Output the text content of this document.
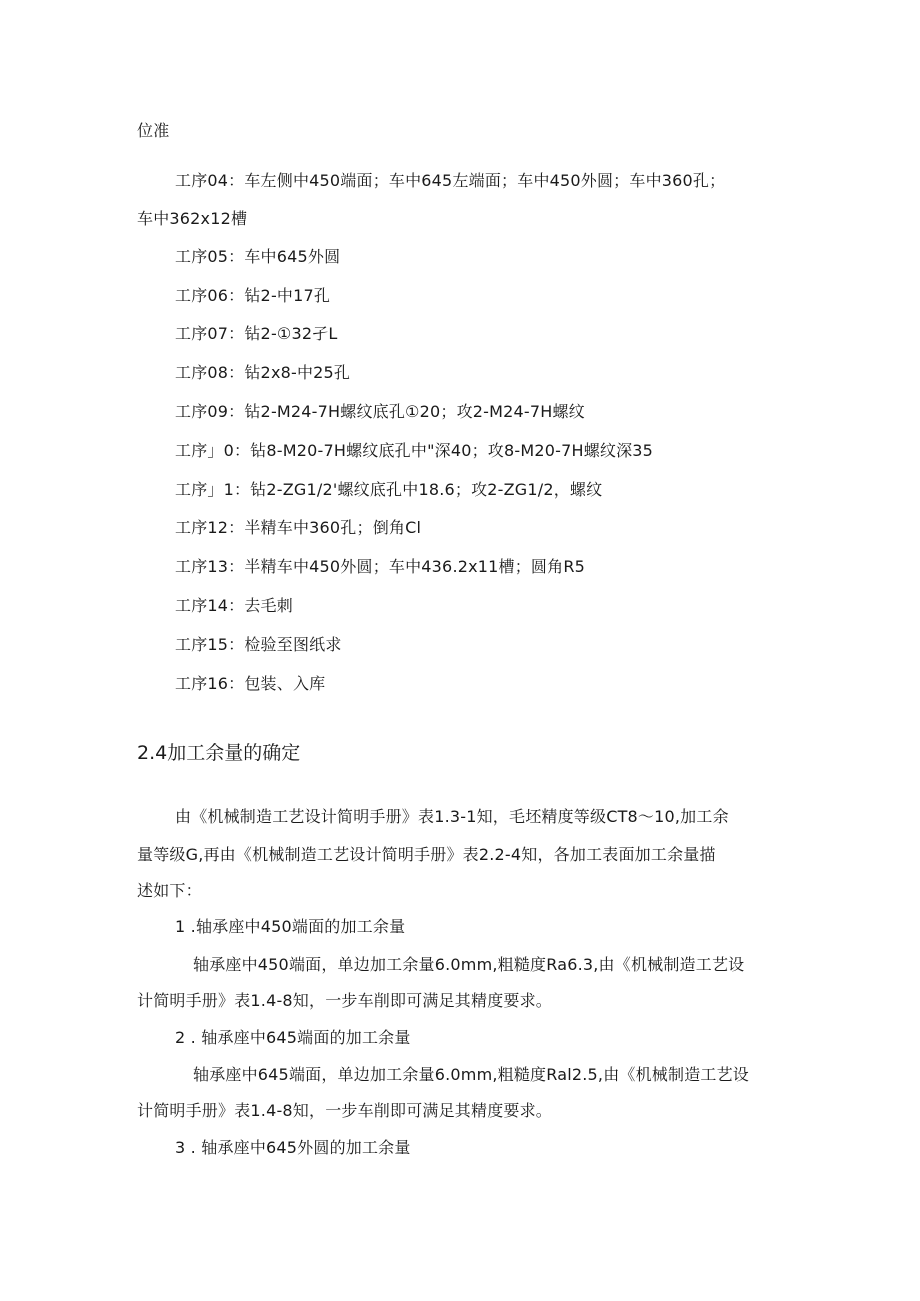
位准
工序04：车左侧中450端面；车中645左端面；车中450外圆；车中360孔；
车中362x12槽
工序05：车中645外圆
工序06：钻2-中17孔
工序07：钻2-①32孑L
工序08：钻2x8-中25孔
工序09：钻2-M24-7H螺纹底孔①20；攻2-M24-7H螺纹
工序」0：钻8-M20-7H螺纹底孔中"深40；攻8-M20-7H螺纹深35
工序」1：钻2-ZG1/2'螺纹底孔中18.6；攻2-ZG1/2，螺纹
工序12：半精车中360孔；倒角Cl
工序13：半精车中450外圆；车中436.2x11槽；圆角R5
工序14：去毛刺
工序15：检验至图纸求
工序16：包装、入库
2.4加工余量的确定
由《机械制造工艺设计简明手册》表1.3-1知，毛坯精度等级CT8〜10,加工余
量等级G,再由《机械制造工艺设计简明手册》表2.2-4知，各加工表面加工余量描
述如下：
1 .轴承座中450端面的加工余量
轴承座中450端面，单边加工余量6.0mm,粗糙度Ra6.3,由《机械制造工艺设
计简明手册》表1.4-8知，一步车削即可满足其精度要求。
2 . 轴承座中645端面的加工余量
轴承座中645端面，单边加工余量6.0mm,粗糙度Ral2.5,由《机械制造工艺设
计简明手册》表1.4-8知，一步车削即可满足其精度要求。
3 . 轴承座中645外圆的加工余量
